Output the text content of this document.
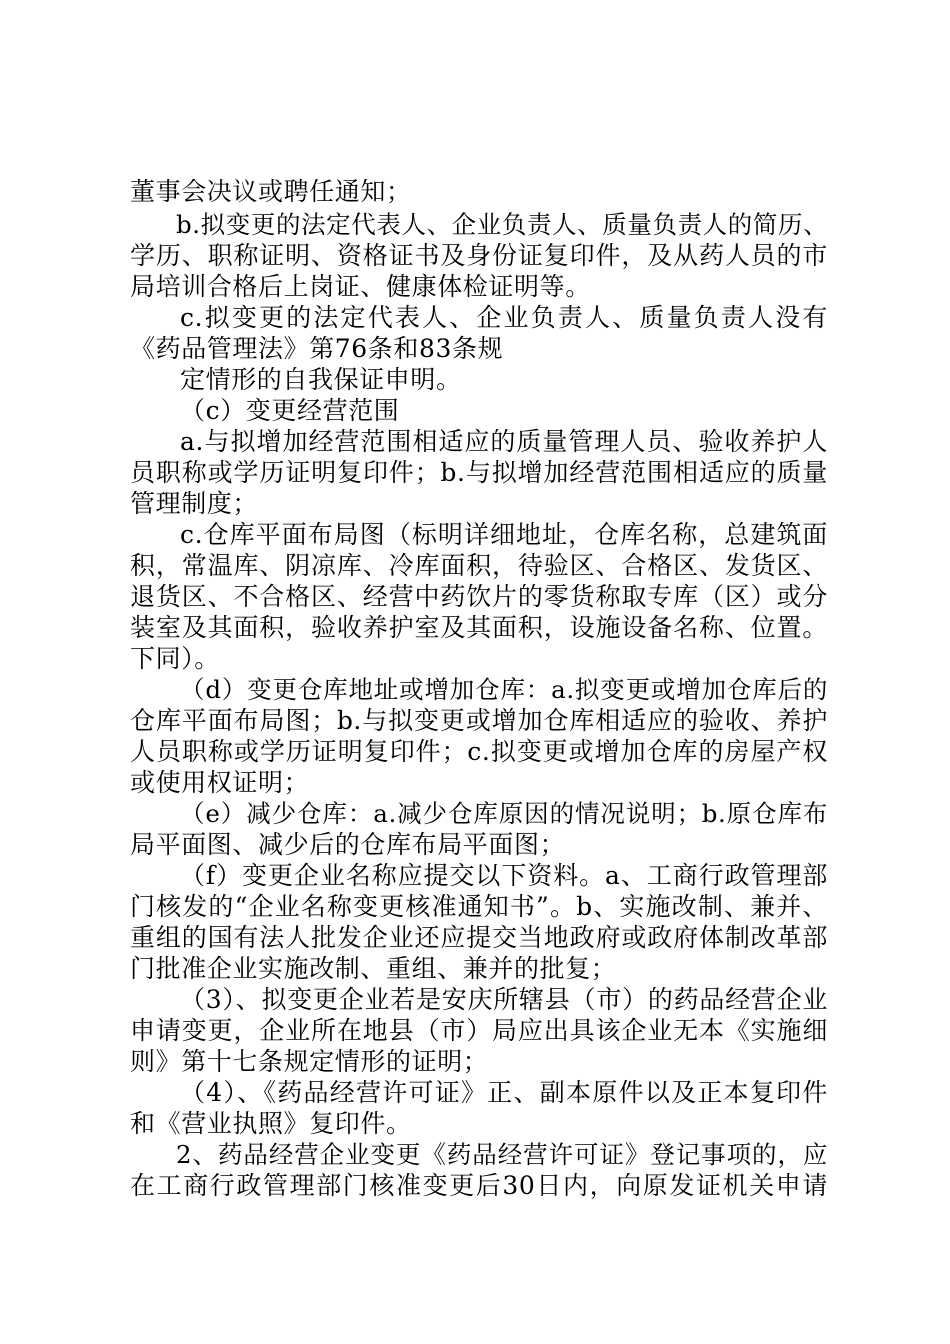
董事会决议或聘任通知；
b.拟变更的法定代表人、企业负责人、质量负责人的简历、
学历、职称证明、资格证书及身份证复印件，及从药人员的市
局培训合格后上岗证、健康体检证明等。
c.拟变更的法定代表人、企业负责人、质量负责人没有
《药品管理法》第76条和83条规
定情形的自我保证申明。
（c）变更经营范围
a.与拟增加经营范围相适应的质量管理人员、验收养护人
员职称或学历证明复印件；b.与拟增加经营范围相适应的质量
管理制度；
c.仓库平面布局图（标明详细地址，仓库名称，总建筑面
积，常温库、阴凉库、冷库面积，待验区、合格区、发货区、
退货区、不合格区、经营中药饮片的零货称取专库（区）或分
装室及其面积，验收养护室及其面积，设施设备名称、位置。
下同）。
（d）变更仓库地址或增加仓库：a.拟变更或增加仓库后的
仓库平面布局图；b.与拟变更或增加仓库相适应的验收、养护
人员职称或学历证明复印件；c.拟变更或增加仓库的房屋产权
或使用权证明；
（e）减少仓库：a.减少仓库原因的情况说明；b.原仓库布
局平面图、减少后的仓库布局平面图；
（f）变更企业名称应提交以下资料。a、工商行政管理部
门核发的“企业名称变更核准通知书”。b、实施改制、兼并、
重组的国有法人批发企业还应提交当地政府或政府体制改革部
门批准企业实施改制、重组、兼并的批复；
（3）、拟变更企业若是安庆所辖县（市）的药品经营企业
申请变更，企业所在地县（市）局应出具该企业无本《实施细
则》第十七条规定情形的证明；
（4）、《药品经营许可证》正、副本原件以及正本复印件
和《营业执照》复印件。
2、药品经营企业变更《药品经营许可证》登记事项的，应
在工商行政管理部门核准变更后30日内，向原发证机关申请
